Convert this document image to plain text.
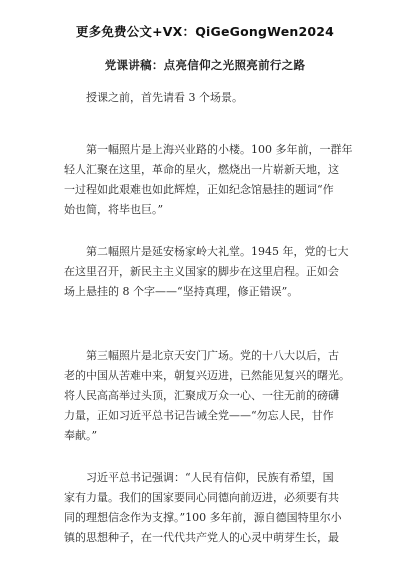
更多免费公文+VX：QiGeGongWen2024
党课讲稿：点亮信仰之光照亮前行之路
　　授课之前，首先请看 3 个场景。
　　第一幅照片是上海兴业路的小楼。100 多年前，一群年
轻人汇聚在这里，革命的星火，燃烧出一片崭新天地，这
一过程如此艰难也如此辉煌，正如纪念馆悬挂的题词“作
始也简，将毕也巨。”
　　第二幅照片是延安杨家岭大礼堂。1945 年，党的七大
在这里召开，新民主主义国家的脚步在这里启程。正如会
场上悬挂的 8 个字——“坚持真理，修正错误”。
　　第三幅照片是北京天安门广场。党的十八大以后，古
老的中国从苦难中来，朝复兴迈进，已然能见复兴的曙光。
将人民高高举过头顶，汇聚成万众一心、一往无前的磅礴
力量，正如习近平总书记告诫全党——“勿忘人民，甘作
奉献。”
　　习近平总书记强调：“人民有信仰，民族有希望，国
家有力量。我们的国家要同心同德向前迈进，必须要有共
同的理想信念作为支撑。”100 多年前，源自德国特里尔小
镇的思想种子，在一代代共产党人的心灵中萌芽生长，最
